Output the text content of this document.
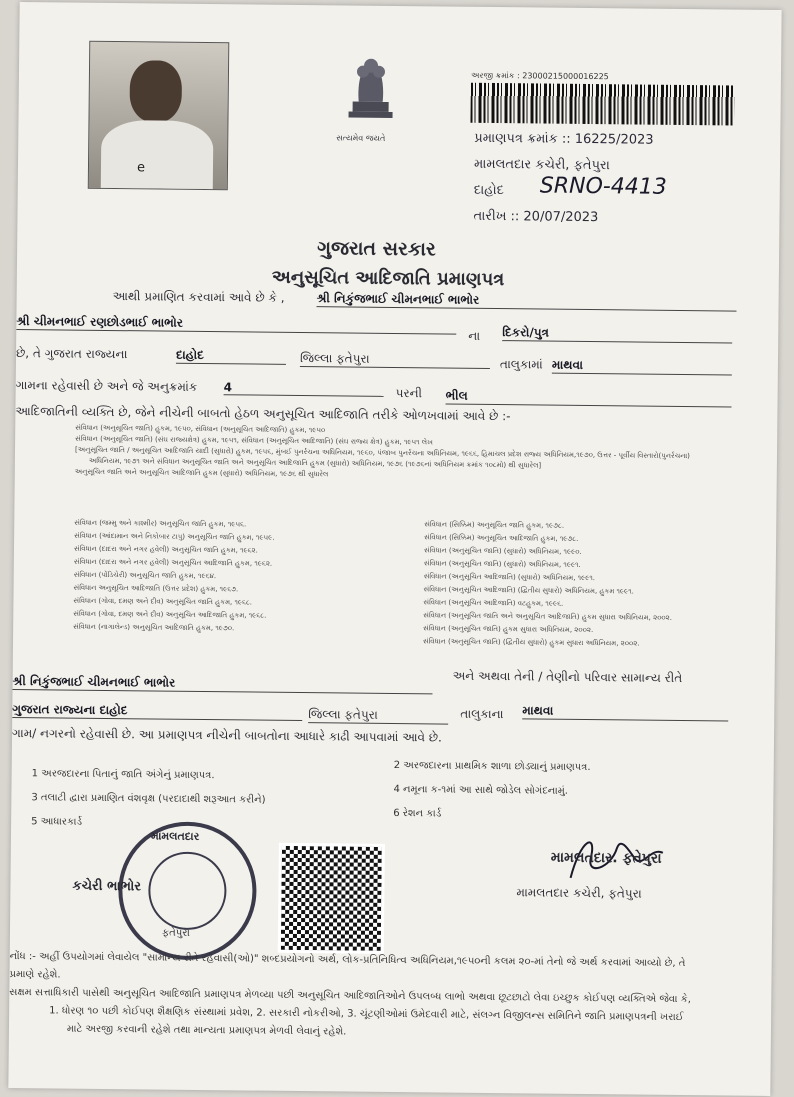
e
સત્યમેવ જયતે
અરજી ક્રમાંક : 23000215000016225
પ્રમાણપત્ર ક્રમાંક :: 16225/2023
મામલતદાર કચેરી, ફતેપુરા
દાહોદ SRNO-4413
તારીખ :: 20/07/2023
ગુજરાત સરકાર
અનુસૂચિત આદિજાતિ પ્રમાણપત્ર
આથી પ્રમાણિત કરવામાં આવે છે કે ,	શ્રી નિકુંજભાઈ ચીમનભાઈ ભાભોર
શ્રી ચીમનભાઈ રણછોડભાઈ ભાભોર
ના દિકરો/પુત્ર
છે, તે ગુજરાત રાજ્યના	દાહોદ	જિલ્લા ફતેપુરા	તાલુકામાં માથવા
ગામના રહેવાસી છે અને જે અનુક્રમાંક 4	પરની ભીલ
આદિજાતિની વ્યક્તિ છે, જેને નીચેની બાબતો હેઠળ અનુસૂચિત આદિજાતિ તરીકે ઓળખવામાં આવે છે :-
સંવિધાન (અનુસૂચિત જાતિ) હુકમ, ૧૯૫૦, સંવિધાન (અનુસૂચિત આદિજાતિ) હુકમ, ૧૯૫૦
સંવિધાન (અનુસૂચિત જાતિ) (સંઘ રાજ્યક્ષેત્ર) હુકમ, ૧૯૫૧, સંવિધાન (અનુસૂચિત આદિજાતિ) (સંઘ રાજ્ય ક્ષેત્ર) હુકમ, ૧૯૫૧ લેખ
[અનુસૂચિત જાતિ / અનુસૂચિત આદિજાતિ યાદી (સુધારો) હુકમ, ૧૯૫૬, મુંબઈ પુનર્રચના અધિનિયમ, ૧૯૬૦, પંજાબ પુનર્રચના અધિનિયમ, ૧૯૬૬, હિમાચલ પ્રદેશ રાજ્ય અધિનિયમ,૧૯૭૦, ઉત્તર - પૂર્વીય વિસ્તારો(પુનર્રચના)
અધિનિયમ, ૧૯૭૧ અને સંવિધાન અનુસૂચિત જાતિ અને અનુસૂચિત આદિજાતિ હુકમ (સુધારો) અધિનિયમ, ૧૯૭૬ (૧૯૭૬નાં અધિનિયમ ક્રમાંક ૧૦૮મો) થી સુધારેલ]
અનુસૂચિત જાતિ અને અનુસૂચિત આદિજાતિ હુકમ (સુધારો) અધિનિયમ, ૧૯૭૬ થી સુધારેલ
સંવિધાન (જમ્મુ અને કાશ્મીર) અનુસૂચિત જાતિ હુકમ, ૧૯૫૬.
સંવિધાન (આંદામાન અને નિકોબાર ટાપુ) અનુસૂચિત જાતિ હુકમ, ૧૯૫૯.
સંવિધાન (દાદરા અને નગર હવેલી) અનુસૂચિત જાતિ હુકમ, ૧૯૬૨.
સંવિધાન (દાદરા અને નગર હવેલી) અનુસૂચિત આદિજાતિ હુકમ, ૧૯૬૨.
સંવિધાન (પોંડિચેરી) અનુસૂચિત જાતિ હુકમ, ૧૯૬૪.
સંવિધાન અનુસૂચિત આદિજાતિ (ઉત્તર પ્રદેશ) હુકમ, ૧૯૬૭.
સંવિધાન (ગોવા, દમણ અને દીવ) અનુસૂચિત જાતિ હુકમ, ૧૯૬૮.
સંવિધાન (ગોવા, દમણ અને દીવ) અનુસૂચિત આદિજાતિ હુકમ, ૧૯૬૮.
સંવિધાન (નાગાલેન્ડ) અનુસૂચિત આદિજાતિ હુકમ, ૧૯૭૦.
સંવિધાન (સિક્કિમ) અનુસૂચિત જાતિ હુકમ, ૧૯૭૮.
સંવિધાન (સિક્કિમ) અનુસૂચિત આદિજાતિ હુકમ, ૧૯૭૮.
સંવિધાન (અનુસૂચિત જાતિ) (સુધારો) અધિનિયમ, ૧૯૯૦.
સંવિધાન (અનુસૂચિત જાતિ) (સુધારો) અધિનિયમ, ૧૯૯૧.
સંવિધાન (અનુસૂચિત આદિજાતિ) (સુધારો) અધિનિયમ, ૧૯૯૧.
સંવિધાન (અનુસૂચિત આદિજાતિ) (દ્વિતીય સુધારો) અધિનિયમ, હુકમ ૧૯૯૧.
સંવિધાન (અનુસૂચિત આદિજાતિ) વટહુકમ, ૧૯૯૬.
સંવિધાન (અનુસૂચિત જાતિ અને અનુસૂચિત આદિજાતિ) હુકમ સુધારા અધિનિયમ, ૨૦૦૨.
સંવિધાન (અનુસૂચિત જાતિ) હુકમ સુધારા અધિનિયમ, ૨૦૦૨.
સંવિધાન (અનુસૂચિત જાતિ) (દ્વિતીય સુધારો) હુકમ સુધારા અધિનિયમ, ૨૦૦૨.
શ્રી નિકુંજભાઈ ચીમનભાઈ ભાભોર	અને અથવા તેની / તેણીનો પરિવાર સામાન્ય રીતે
ગુજરાત રાજ્યના દાહોદ	જિલ્લા ફતેપુરા	તાલુકાના માથવા
ગામ/ નગરનો રહેવાસી છે. આ પ્રમાણપત્ર નીચેની બાબતોના આધારે કાઢી આપવામાં આવે છે.
1 અરજદારના પિતાનું જાતિ અંગેનું પ્રમાણપત્ર.
2 અરજદારના પ્રાથમિક શાળા છોડ્યાનું પ્રમાણપત્ર.
3 તલાટી દ્વારા પ્રમાણિત વંશવૃક્ષ (પરદાદાથી શરૂઆત કરીને)
4 નમૂના ક-૧માં આ સાથે જોડેલ સોગંદનામું.
5 આધારકાર્ડ
6 રેશન કાર્ડ
મામલતદાર
કચેરી ભાભોર
ફતેપુરા
મામલતદાર. ફતેપુરા
મામલતદાર કચેરી, ફતેપુરા
નોંધ :- અહીં ઉપયોગમાં લેવાયેલ "સામાન્ય રીતે રહેવાસી(ઓ)" શબ્દપ્રયોગનો અર્થ, લોક-પ્રતિનિધિત્વ અધિનિયમ,૧૯૫૦ની કલમ ૨૦-માં તેનો જે અર્થ કરવામાં આવ્યો છે, તે
પ્રમાણે રહેશે.
સક્ષમ સત્તાધિકારી પાસેથી અનુસૂચિત આદિજાતિ પ્રમાણપત્ર મેળવ્યા પછી અનુસૂચિત આદિજાતિઓને ઉપલબ્ધ લાભો અથવા છૂટછાટો લેવા ઇચ્છુક કોઈપણ વ્યક્તિએ જેવા કે,
1. ધોરણ ૧૦ પછી કોઈપણ શૈક્ષણિક સંસ્થામાં પ્રવેશ, 2. સરકારી નોકરીઓ, 3. ચૂંટણીઓમાં ઉમેદવારી માટે, સંલગ્ન વિજીલન્સ સમિતિને જાતિ પ્રમાણપત્રની ખરાઈ
માટે અરજી કરવાની રહેશે તથા માન્યતા પ્રમાણપત્ર મેળવી લેવાનું રહેશે.
